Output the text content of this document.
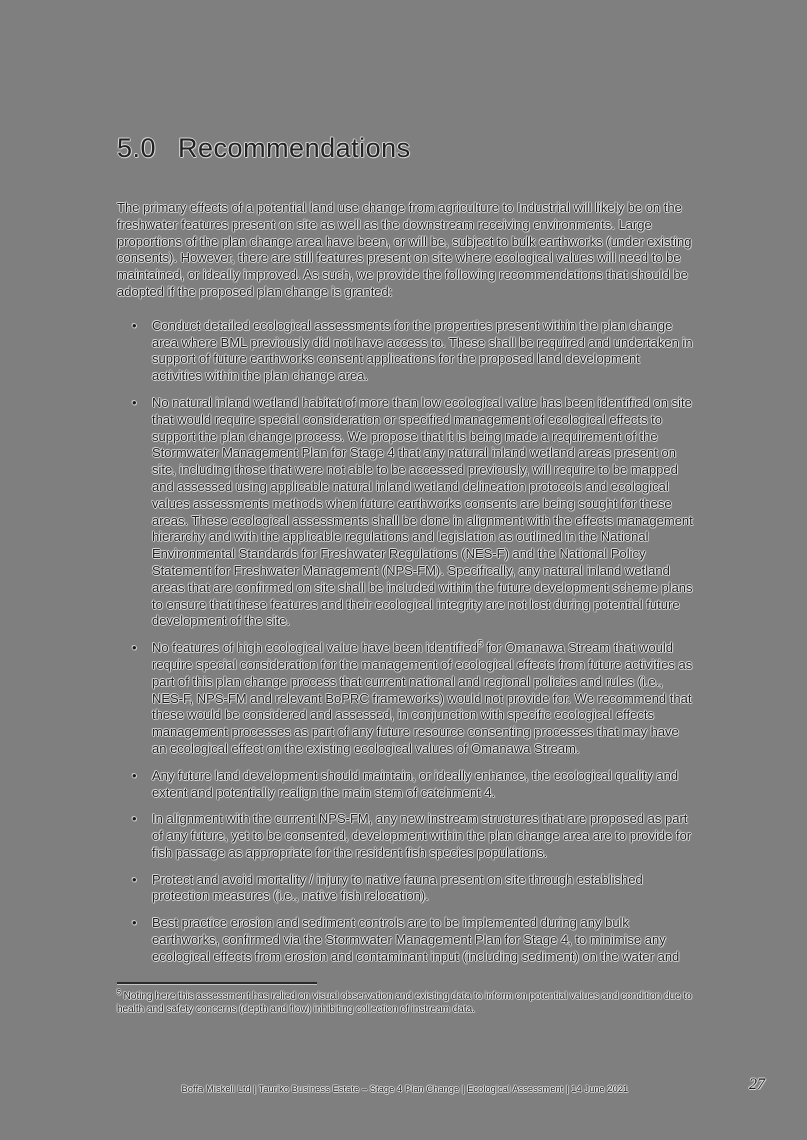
5.0 Recommendations

The primary effects of a potential land use change from agriculture to Industrial will likely be on the freshwater features present on site as well as the downstream receiving environments. Large proportions of the plan change area have been, or will be, subject to bulk earthworks (under existing consents). However, there are still features present on site where ecological values will need to be maintained, or ideally improved. As such, we provide the following recommendations that should be adopted if the proposed plan change is granted:

•	Conduct detailed ecological assessments for the properties present within the plan change area where BML previously did not have access to. These shall be required and undertaken in support of future earthworks consent applications for the proposed land development activities within the plan change area.
•	No natural inland wetland habitat of more than low ecological value has been identified on site that would require special consideration or specified management of ecological effects to support the plan change process. We propose that it is being made a requirement of the Stormwater Management Plan for Stage 4 that any natural inland wetland areas present on site, including those that were not able to be accessed previously, will require to be mapped and assessed using applicable natural inland wetland delineation protocols and ecological values assessments methods when future earthworks consents are being sought for these areas. These ecological assessments shall be done in alignment with the effects management hierarchy and with the applicable regulations and legislation as outlined in the National Environmental Standards for Freshwater Regulations (NES-F) and the National Policy Statement for Freshwater Management (NPS-FM). Specifically, any natural inland wetland areas that are confirmed on site shall be included within the future development scheme plans to ensure that these features and their ecological integrity are not lost during potential future development of the site.
•	No features of high ecological value have been identified$^5$ for Omanawa Stream that would require special consideration for the management of ecological effects from future activities as part of this plan change process that current national and regional policies and rules (i.e., NES-F, NPS-FM and relevant BoPRC frameworks) would not provide for. We recommend that these would be considered and assessed, in conjunction with specific ecological effects management processes as part of any future resource consenting processes that may have an ecological effect on the existing ecological values of Omanawa Stream.
•	Any future land development should maintain, or ideally enhance, the ecological quality and extent and potentially realign the main stem of catchment 4.
•	In alignment with the current NPS-FM, any new instream structures that are proposed as part of any future, yet to be consented, development within the plan change area are to provide for fish passage as appropriate for the resident fish species populations.
•	Protect and avoid mortality / injury to native fauna present on site through established protection measures (i.e., native fish relocation).
•	Best practice erosion and sediment controls are to be implemented during any bulk earthworks, confirmed via the Stormwater Management Plan for Stage 4, to minimise any ecological effects from erosion and contaminant input (including sediment) on the water and

$^5$ Noting here this assessment has relied on visual observation and existing data to inform on potential values and condition due to health and safety concerns (depth and flow) inhibiting collection of instream data.

Boffa Miskell Ltd | Tauriko Business Estate – Stage 4 Plan Change | Ecological Assessment | 14 June 2021	27
